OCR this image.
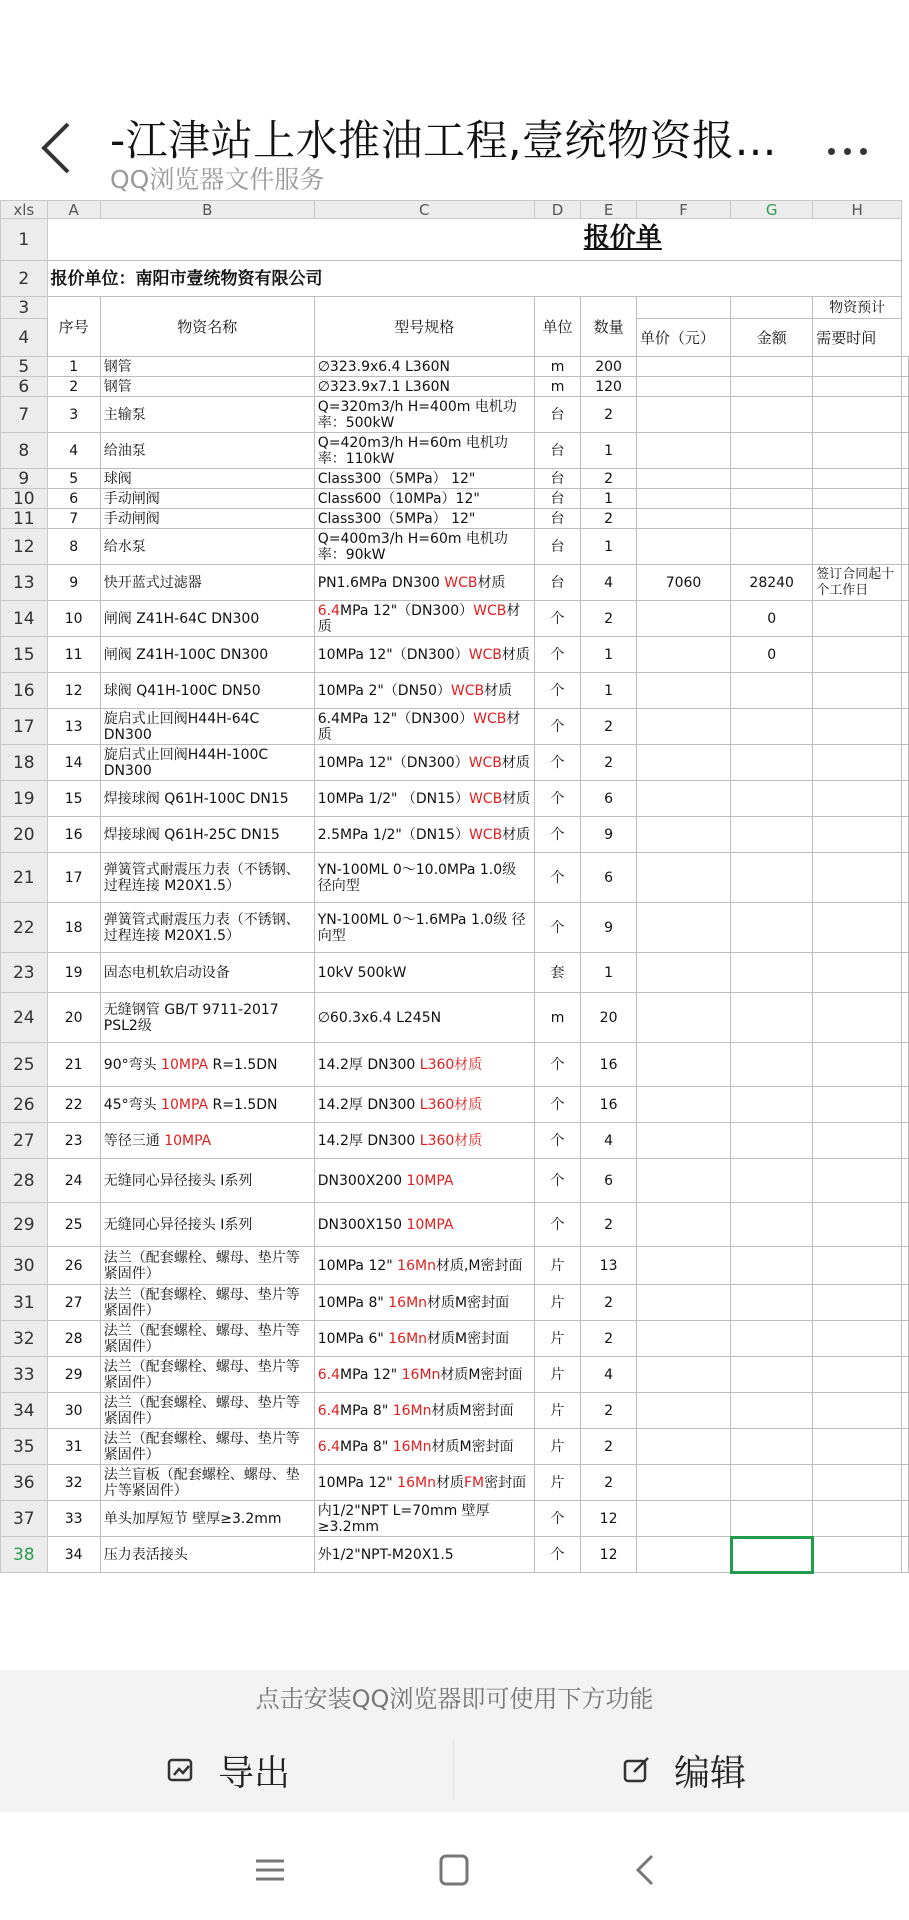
-江津站上水推油工程,壹统物资报…
QQ浏览器文件服务
xls	A	B	C	D	E	F	G	H	
1	报价单								
2	报价单位：南阳市壹统物资有限公司								
3	序号	物资名称	型号规格	单位	数量			物资预计	
4						单价（元）	金额	需要时间	
5	1	钢管	∅323.9x6.4 L360N	m	200				
6	2	钢管	∅323.9x7.1 L360N	m	120				
7	3	主输泵	Q=320m3/h H=400m 电机功率：500kW	台	2				
8	4	给油泵	Q=420m3/h H=60m 电机功率：110kW	台	1				
9	5	球阀	Class300（5MPa） 12"	台	2				
10	6	手动闸阀	Class600（10MPa）12"	台	1				
11	7	手动闸阀	Class300（5MPa） 12"	台	2				
12	8	给水泵	Q=400m3/h H=60m 电机功率：90kW	台	1				
13	9	快开蓝式过滤器	PN1.6MPa DN300 WCB材质	台	4	7060	28240	签订合同起十个工作日	
14	10	闸阀 Z41H-64C DN300	6.4MPa 12"（DN300）WCB材质	个	2		0		
15	11	闸阀 Z41H-100C DN300	10MPa 12"（DN300）WCB材质	个	1		0		
16	12	球阀 Q41H-100C DN50	10MPa 2"（DN50）WCB材质	个	1				
17	13	旋启式止回阀H44H-64C DN300	6.4MPa 12"（DN300）WCB材质	个	2				
18	14	旋启式止回阀H44H-100C DN300	10MPa 12"（DN300）WCB材质	个	2				
19	15	焊接球阀 Q61H-100C DN15	10MPa 1/2" （DN15）WCB材质	个	6				
20	16	焊接球阀 Q61H-25C DN15	2.5MPa 1/2"（DN15）WCB材质	个	9				
21	17	弹簧管式耐震压力表（不锈钢、过程连接 M20X1.5）	YN-100ML 0～10.0MPa 1.0级 径向型	个	6				
22	18	弹簧管式耐震压力表（不锈钢、过程连接 M20X1.5）	YN-100ML 0～1.6MPa 1.0级 径向型	个	9				
23	19	固态电机软启动设备	10kV 500kW	套	1				
24	20	无缝钢管 GB/T 9711-2017 PSL2级	∅60.3x6.4 L245N	m	20				
25	21	90°弯头 10MPA R=1.5DN	14.2厚 DN300 L360材质	个	16				
26	22	45°弯头 10MPA R=1.5DN	14.2厚 DN300 L360材质	个	16				
27	23	等径三通 10MPA	14.2厚 DN300 L360材质	个	4				
28	24	无缝同心异径接头 I系列	DN300X200 10MPA	个	6				
29	25	无缝同心异径接头 I系列	DN300X150 10MPA	个	2				
30	26	法兰（配套螺栓、螺母、垫片等紧固件）	10MPa 12" 16Mn材质,M密封面	片	13				
31	27	法兰（配套螺栓、螺母、垫片等紧固件）	10MPa 8" 16Mn材质M密封面	片	2				
32	28	法兰（配套螺栓、螺母、垫片等紧固件）	10MPa 6" 16Mn材质M密封面	片	2				
33	29	法兰（配套螺栓、螺母、垫片等紧固件）	6.4MPa 12" 16Mn材质M密封面	片	4				
34	30	法兰（配套螺栓、螺母、垫片等紧固件）	6.4MPa 8" 16Mn材质M密封面	片	2				
35	31	法兰（配套螺栓、螺母、垫片等紧固件）	6.4MPa 8" 16Mn材质M密封面	片	2				
36	32	法兰盲板（配套螺栓、螺母、垫片等紧固件）	10MPa 12" 16Mn材质FM密封面	片	2				
37	33	单头加厚短节 壁厚≥3.2mm	内1/2"NPT L=70mm 壁厚≥3.2mm	个	12				
38	34	压力表活接头	外1/2"NPT-M20X1.5	个	12				
点击安装QQ浏览器即可使用下方功能
导出	编辑
